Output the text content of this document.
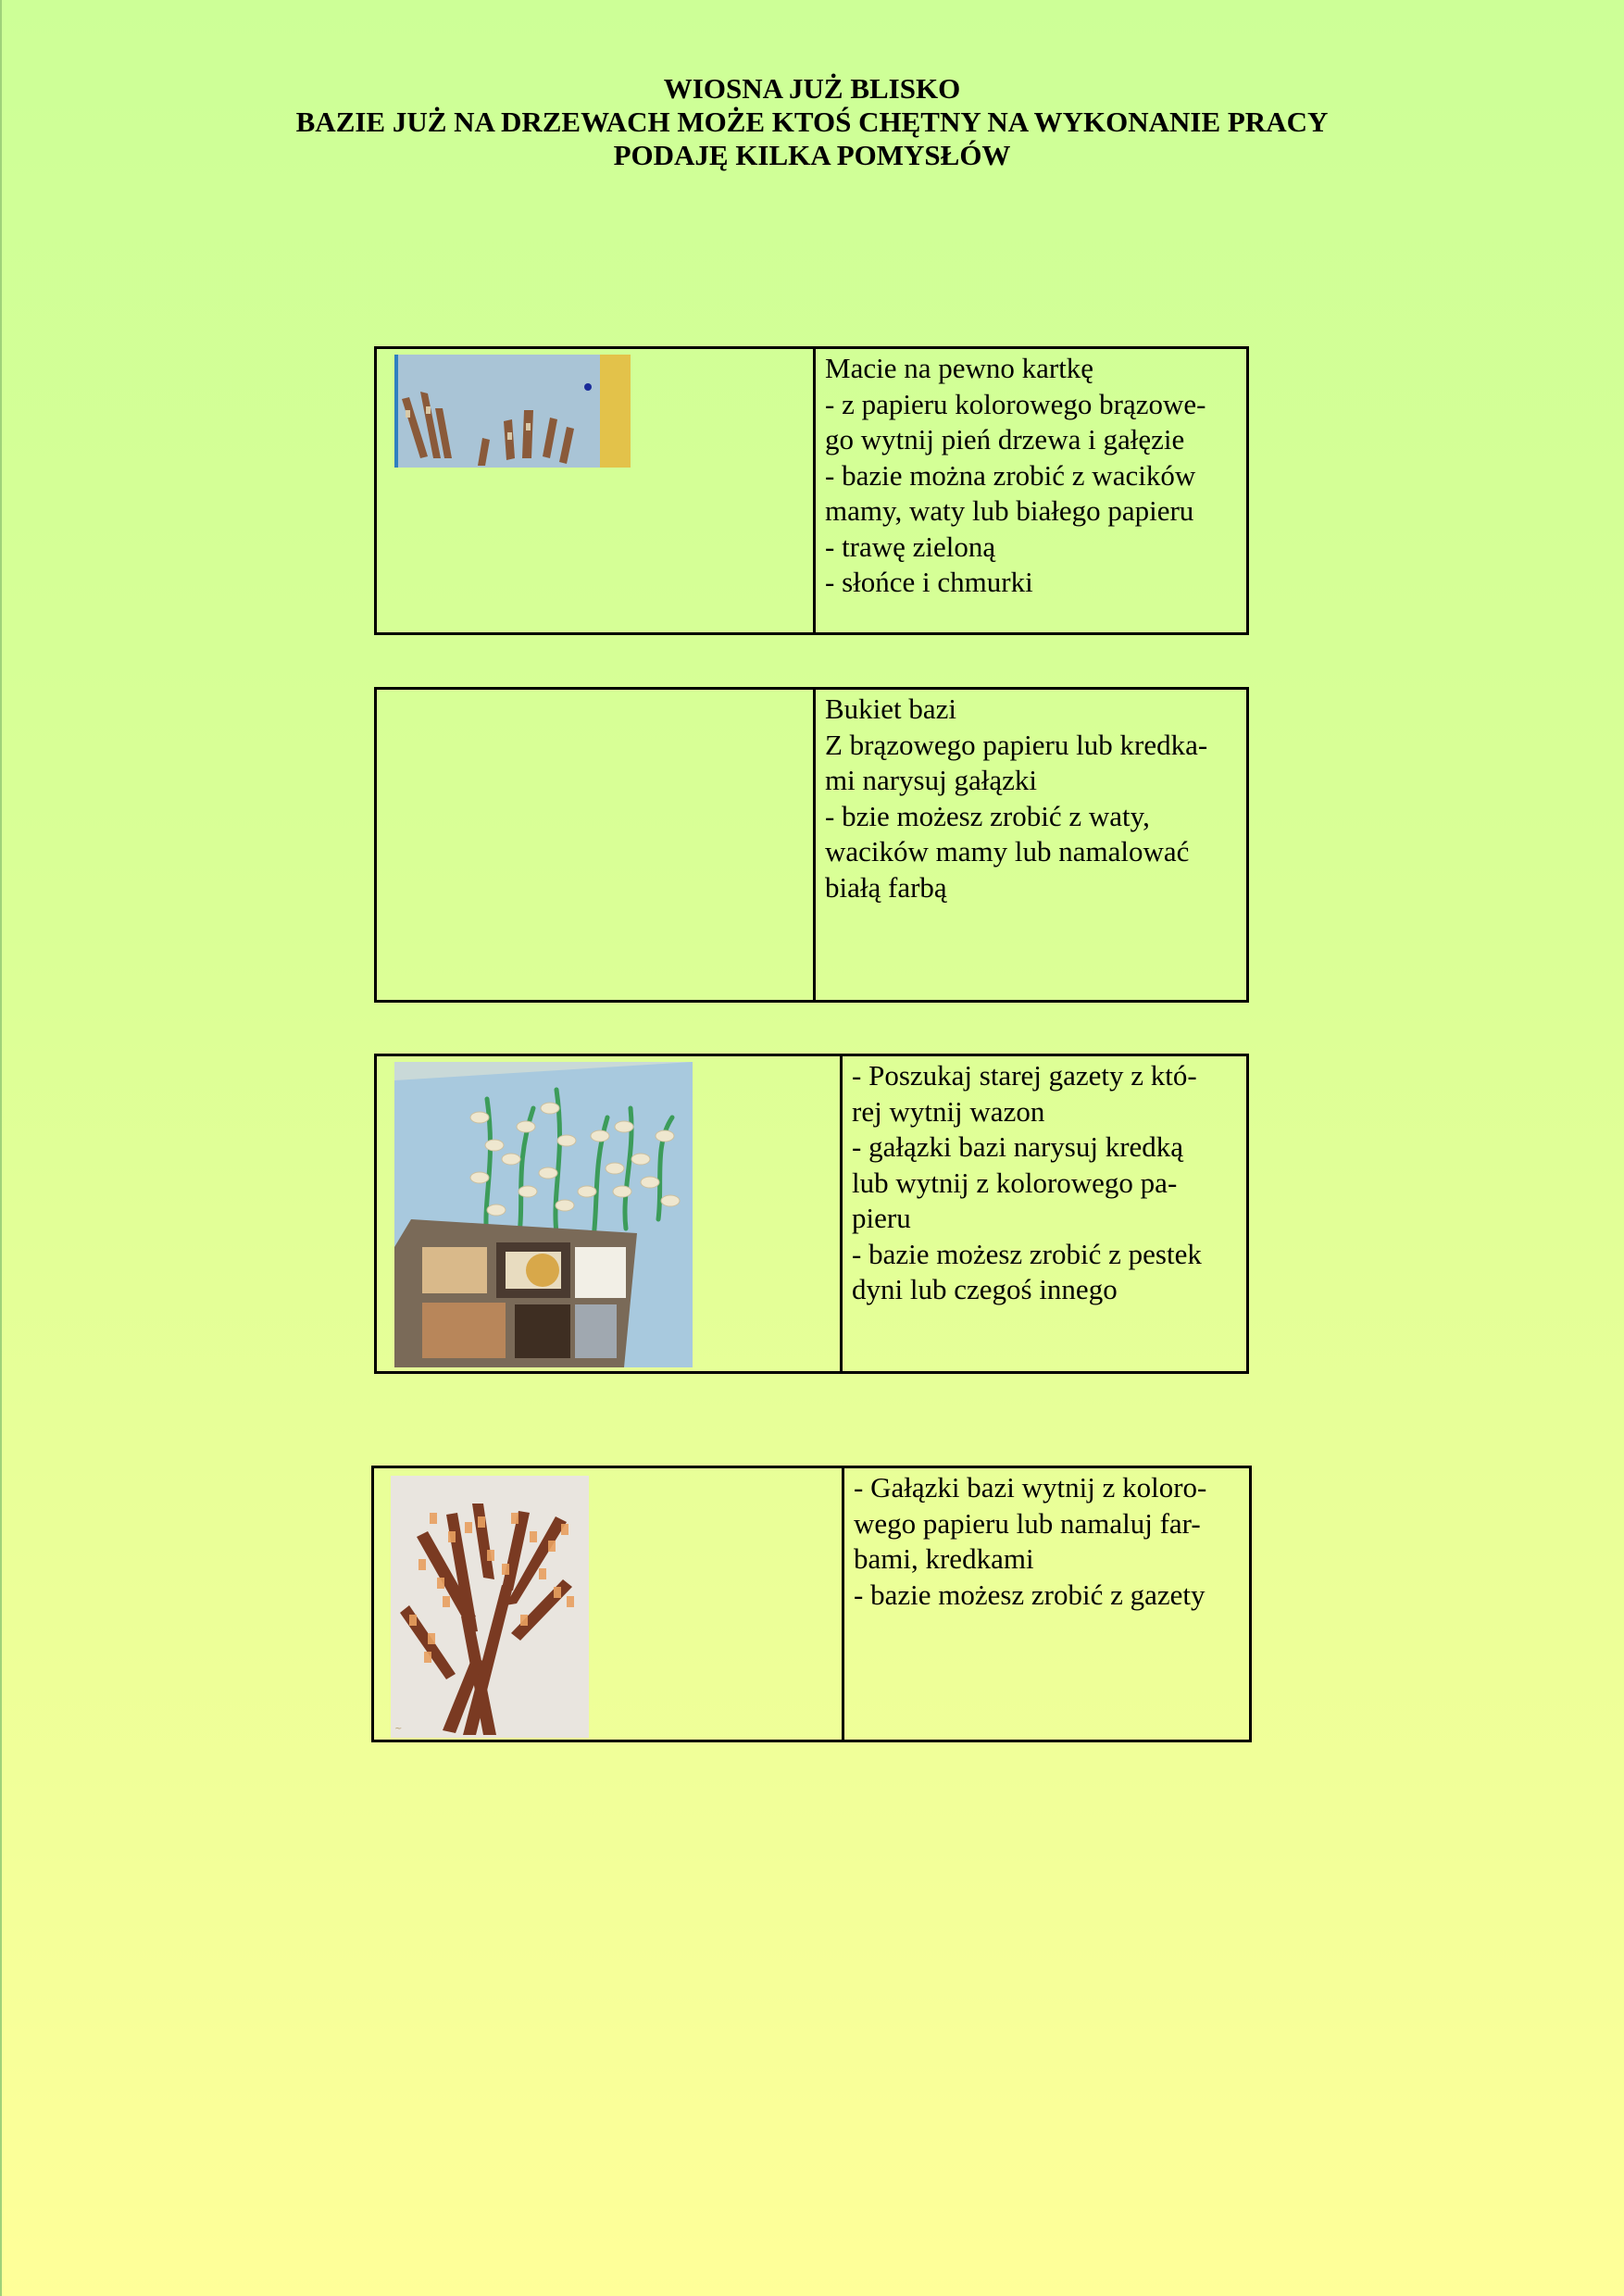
WIOSNA JUŻ BLISKO
BAZIE JUŻ NA DRZEWACH MOŻE KTOŚ CHĘTNY NA WYKONANIE PRACY
PODAJĘ KILKA POMYSŁÓW
Macie na pewno kartkę
- z papieru kolorowego brązowe-
go wytnij pień drzewa i gałęzie
- bazie można zrobić z wacików
mamy, waty lub białego papieru
- trawę zieloną
- słońce i chmurki
Bukiet bazi
Z brązowego papieru lub kredka-
mi narysuj gałązki
- bzie możesz zrobić z waty,
wacików mamy lub namalować
białą farbą
- Poszukaj starej gazety z któ-
rej wytnij wazon
- gałązki bazi narysuj kredką
lub wytnij z kolorowego pa-
pieru
- bazie możesz zrobić z pestek
dyni lub czegoś innego
~
- Gałązki bazi wytnij z koloro-
wego papieru lub namaluj far-
bami, kredkami
- bazie możesz zrobić z gazety
